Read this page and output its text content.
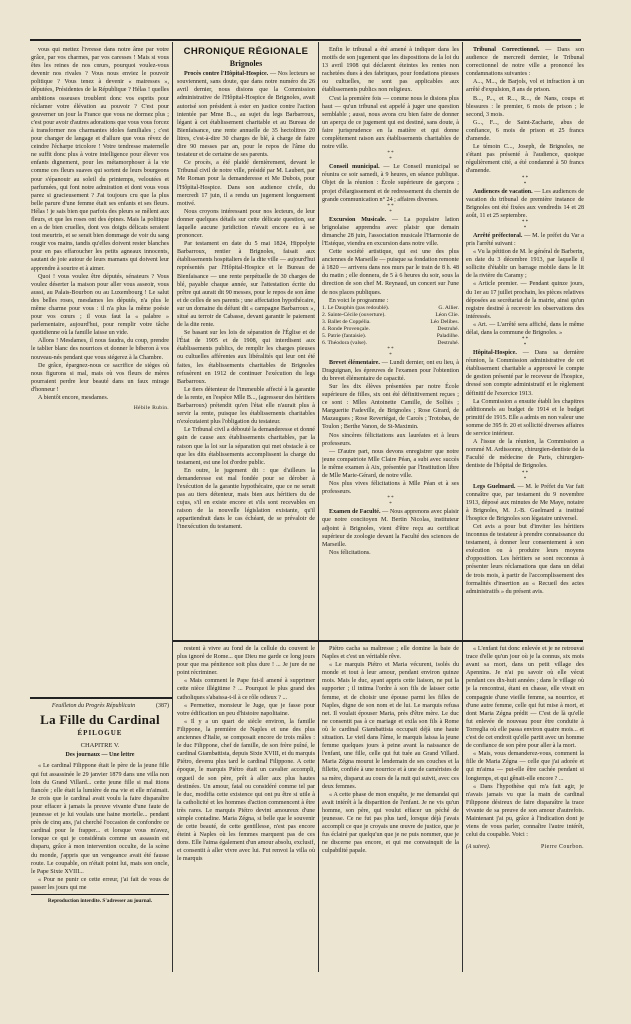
vous qui mettez l'ivresse dans notre âme par votre grâce, par vos charmes, par vos caresses ! Mais si vous êtes les reines de nos cœurs, pourquoi voulez-vous devenir nos rivales ? Vous nous enviez le pouvoir politique ? Vous tenez à devenir « mairesses », députées, Présidentes de la République ? Hélas ! quelles ambitions osseuses troublent donc vos esprits pour réclamer votre élévation au pouvoir ? C'est pour gouverner un jour la France que vous ne dormez plus ; c'est pour avoir d'autres adorations que vous vous forcez à transformer nos charmantes idoles familiales ; c'est pour changer de langage et d'allure que vous rêvez de ceindre l'écharpe tricolore ! Votre tendresse maternelle ne suffit donc plus à votre intelligence pour élever vos enfants dignement, pour les métamorphoser à la vie comme ces fleurs suaves qui sortent de leurs bourgeons pour s'épanouir au soleil du printemps, veloutées et parfumées, qui font notre admiration et dont vous vous parez si gracieusement ? J'ai toujours cru que la plus belle parure d'une femme était ses enfants et ses fleurs. Hélas ! je sais bien que parfois des pleurs se mêlent aux fleurs, et que les roses ont des épines. Mais la politique en a de bien cruelles, dont vos doigts délicats seraient tout meurtris, et se serait bien dommage de voir du sang rougir vos mains, tandis qu'elles doivent rester blanches pour en pas effaroucher les petits agneaux innocents, sautant de joie autour de leurs mamans qui doivent leur apprendre à sourire et à aimer.

Quoi ! vous voulez être députés, sénateurs ? Vous voulez déserter la maison pour aller vous asseoir, vous aussi, au Palais-Bourbon ou au Luxembourg ! Le salut des belles roses, mesdames les députés, n'a plus le même charme pour vous : il n'a plus la même poésie pour vos cœurs ; il vous faut la « palabre » parlementaire, aujourd'hui, pour remplir votre tâche quotidienne où la famille laisse un vide.

Allons ! Mesdames, il nous faudra, du coup, prendre le tablier blanc des nourrices et donner le biberon à vos nouveau-nés pendant que vous siégerez à la Chambre.

De grâce, épargnez-nous ce sacrifice de sièges où nous figurons si mal, mais où vos fleurs de mères pourraient perdre leur beauté dans un faux mirage d'honneur !

A bientôt encore, mesdames.

Hébile Rubin.
CHRONIQUE RÉGIONALE
Brignoles

Procès contre l'Hôpital-Hospice. — Nos lecteurs se souviennent, sans doute, que dans notre numéro du 26 avril dernier, nous disions que la Commission administrative de l'Hôpital-Hospice de Brignoles, avait autorisé son président à ester en justice contre l'action intentée par Mme B..., au sujet du legs Barbarroux, légant à cet établissement charitable et au Bureau de Bienfaisance, une rente annuelle de 35 hectolitres 20 litres, c'est-à-dire 30 charges de blé, à charge de faire dire 90 messes par an, pour le repos de l'âme du testateur et de certaine de ses parents.

Ce procès, a été plaidé dernièrement, devant le Tribunal civil de notre ville, présidé par M. Laubert, par Me Roman pour la demanderesse et Me Dubois, pour l'Hôpital-Hospice. Dans son audience civile, du mercredi 17 juin, il a rendu un jugement longuement motivé.

Nous croyons intéressant pour nos lecteurs, de leur donner quelques détails sur cette délicate question, sur laquelle aucune juridiction n'avait encore eu à se prononcer.

Par testament en date du 5 mai 1824, Hippolyte Barbarroux, rentier à Brignoles, faisait aux établissements hospitaliers de la dite ville — aujourd'hui représentés par l'Hôpital-Hospice et le Bureau de Bienfaisance — une rente perpétuelle de 30 charges de blé, payable chaque année, sur l'attestation écrite du prêtre qui aurait dit 90 messes, pour le repos de son âme et de celles de ses parents ; une affectation hypothécaire, sur un domaine du défunt dit « campagne Barbarroux », situé au terroir de Cabasse, devant garantir le paiement de la dite rente.

Se basant sur les lois de séparation de l'Église et de l'État de 1905 et de 1908, qui interdisent aux établissements publics, de remplir les charges pieuses ou cultuelles afférentes aux libéralités qui leur ont été faites, les établissements charitables de Brignoles refusèrent en 1912 de continuer l'exécution du legs Barbarroux.

Le tiers détenteur de l'immeuble affecté à la garantie de la rente, en l'espèce Mlle B..., (agresseur des héritiers Barbarroux) prétendit qu'en l'état elle n'aurait plus à servir la rente, puisque les établissements charitables n'exécutaient plus l'obligation du testateur.

Le Tribunal civil a débouté la demanderesse et donné gain de cause aux établissements charitables, par la raison que la loi sur la séparation qui met obstacle à ce que les dits établissements accomplissent la charge du testament, est une loi d'ordre public.

En outre, le jugement dit : que d'ailleurs la demanderesse est mal fondée pour se dérober à l'exécution de la garantie hypothécaire, que ce ne serait pas au tiers détenteur, mais bien aux héritiers du de cujus, s'il en existe encore et s'ils sont recevables en raison de la nouvelle législation existante, qu'il appartiendrait dans le cas échéant, de se prévaloir de l'inexécution du testament.

Enfin le tribunal a été amené à indiquer dans les motifs de son jugement que les dispositions de la loi du 13 avril 1908 qui déclarent éteintes les rentes non rachetées dues à des fabriques, pour fondations pieuses ou cultuelles, ne sont pas applicables aux établissements publics non religieux.

C'est la première fois — comme nous le disions plus haut — qu'un tribunal est appelé à juger une question semblable ; aussi, nous avons cru bien faire de donner un aperçu de ce jugement qui est destiné, sans doute, à faire jurisprudence en la matière et qui donne complètement raison aux établissements charitables de notre ville.

* *
*

Conseil municipal. — Le Conseil municipal se réunira ce soir samedi, à 9 heures, en séance publique. Objet de la réunion : École supérieure de garçons ; projet d'élargissement et de redressement du chemin de grande communication n° 24 ; affaires diverses.

* *
*

Excursion Musicale. — La populaire lation brignolaise apprendra avec plaisir que demain dimanche 28 juin, l'association musicale l'Harmonie de l'Estéque, viendra en excursion dans notre ville.

Cette société artistique, qui est une des plus anciennes de Marseille — puisque sa fondation remonte à 1820 — arrivera dans nos murs par le train de 8 h. 48 du matin ; elle donnera, de 5 à 6 heures du soir, sous la direction de son chef M. Reynaud, un concert sur l'une de nos places publiques.

En voici le programme :

1. Le Dauphin (pas redoublé).	G. Allier.
2. Sainte-Cécile (ouverture).	Léon Clie.
3. Ballet de Coppélia.	Léo Delibes.
4. Ronde Provençale.	Destruhé.
5. Patrie (fantaisie).	Paladilhe.
6. Théodora (valse).	Destruhé.
* *
*

Brevet élémentaire. — Lundi dernier, ont eu lieu, à Draguignan, les épreuves de l'examen pour l'obtention du brevet élémentaire de capacité.

Sur les dix élèves présentées par notre École supérieure de filles, six ont été définitivement reçues ; ce sont : Mlles Antoinette Camille, de Solliès ; Marguerite Fadeville, de Brignoles ; Rose Girard, de Mazaugues ; Rose Revertégat, de Carcès ; Trotobas, de Toulon ; Berthe Vanon, de St-Maximin.

Nos sincères félicitations aux lauréates et à leurs professeurs.

— D'autre part, nous devons enregistrer que notre jeune compatriote Mlle Claire Péan, a subi avec succès le même examen à Aix, présentée par l'Institution libre de Mlle Marie-Gérard, de notre ville.

Nos plus vives félicitations à Mlle Péan et à ses professeurs.

* *
*

Examen de Faculté. — Nous apprenons avec plaisir que notre concitoyen M. Bertin Nicolas, instituteur adjoint à Brignoles, vient d'être reçu au certificat supérieur de zoologie devant la Faculté des sciences de Marseille.

Nos félicitations.

Tribunal Correctionnel. — Dans son audience de mercredi dernier, le Tribunal correctionnel de notre ville a prononcé les condamnations suivantes :

A..., M..., de Barjols, vol et infraction à un arrêté d'expulsion, 8 ans de prison.

B..., P..., et R..., R..., de Nans, coups et blessures : le premier, 6 mois de prison ; le second, 3 mois.

G..., F..., de Saint-Zacharie, abus de confiance, 6 mois de prison et 25 francs d'amende.

Le témoin C..., Joseph, de Brignoles, ne s'étant pas présenté à l'audience, quoique régulièrement cité, a été condamné à 50 francs d'amende.

* *
*

Audiences de vacation. — Les audiences de vacation du tribunal de première instance de Brignoles ont été fixées aux vendredis 14 et 28 août, 11 et 25 septembre.

* *
*

Arrêté préfectoral. — M. le préfet du Var a pris l'arrêté suivant :

« Vu la pétition de M. le général de Barberin, en date du 3 décembre 1913, par laquelle il sollicite d'établir un barrage mobile dans le lit de la rivière du Caramy ;

« Article premier. — Pendant quinze jours, du 1er au 17 juillet prochain, les pièces relatives déposées au secrétariat de la mairie, ainsi qu'un registre destiné à recevoir les observations des intéressés.

« Art. — L'arrêté sera affiché, dans le même délai, dans la commune de Brignoles. »

* *
*

Hôpital-Hospice. — Dans sa dernière réunion, la Commission administrative de cet établissement charitable a approuvé le compte de gestion présenté par le receveur de l'hospice, dressé son compte administratif et le règlement définitif de l'exercice 1913.

La Commission a ensuite établi les chapitres additionnels au budget de 1914 et le budget primitif de 1915. Elle a admis en non valeur une somme de 395 fr. 20 et sollicité diverses affaires de service intérieur.

A l'issue de la réunion, la Commission a nommé M. Ardissonne, chirurgien-dentiste de la Faculté de médecine de Paris, chirurgien-dentiste de l'hôpital de Brignoles.

* *
*

Legs Guelmard. — M. le Préfet du Var fait connaître que, par testament du 9 novembre 1913, déposé aux minutes de Me Maye, notaire à Brignoles, M. J.-B. Guelmard a institué l'hospice de Brignoles son légataire universel.

Cet avis a pour but d'inviter les héritiers inconnus de testateur à prendre connaissance du testament, à donner leur consentement à son exécution ou à produire leurs moyens d'opposition. Les héritiers se sont reconnus à présenter leurs réclamations que dans un délai de trois mois, à partir de l'accomplissement des formalités d'insertion au « Recueil des actes administratifs » du présent avis.

Feuilleton du Progrès Républicain	(387)
La Fille du Cardinal
ÉPILOGUE
CHAPITRE V.
Des journaux — Une lettre

« Le cardinal Filippone était le père de la jeune fille qui fut assassinée le 29 janvier 1879 dans une villa non loin du Grand Villard... cette jeune fille si mal itions fiancée ; elle était la lumière de ma vie et elle m'aimait. Je crois que le cardinal avait voulu la faire disparaître pour effacer à jamais la preuve vivante d'une faute de jeunesse et je lui voulais une haine mortelle... pendant près de cinq ans, j'ai cherché l'occasion de confondre ce cardinal pour le frapper... et lorsque vous m'avez, lorsque ce qui je considérais comme un assassin est disparu, grâce à mon intervention occulte, de la scène du monde, j'appris que un vengeance avait été fausse route. Le coupable, on n'était point lui, mais son oncle, le Pape Sixte XVIII...

« Pour ne punir ce cette erreur, j'ai fait de vous de passer les jours qui me

Reproduction interdite. S'adresser au journal.

restent à vivre au fond de la cellule du couvent le plus ignoré de Rome... que Dieu me garde ce long jours pour que ma pénitence soit plus dure ! ... Je jure de ne point récriminer.

« Mais comment le Pape fut-il amené à supprimer cette nièce illégitime ? ... Pourquoi le plus grand des catholiques s'abaissa-t-il à ce rôle odieux ? ...

« Permettez, monsieur le Juge, que je fasse pour votre édification un peu d'histoire napolitaine.

« Il y a un quart de siècle environ, la famille Filippone, la première de Naples et une des plus anciennes d'Italie, se composait encore de trois mâles : le duc Filippone, chef de famille, de son frère puîné, le cardinal Giambattista, depuis Sixte XVIII, et du marquis Piétro, devenu plus tard le cardinal Filippone. A cette époque, le marquis Piétro était un cavalier accompli, orgueil de son père, prêt à aller aux plus hautes destinées. Un amour, fatal ou considéré comme tel par le duc, modifia cette existence qui ont pu être si utile à la catholicité et les hommes d'action commencent à être très rares. Le marquis Piétro devint amoureux d'une simple contadine. Maria Zégna, si belle que le souvenir de cette beauté, de cette gentillesse, n'est pas encore éteint à Naples où les femmes marquent pas de ces dons. Elle l'aima également d'un amour absolu, exclusif, et consentit à aller vivre avec lui. Fut renvoi la villa où le marquis

Piétro cacha sa maîtresse ; elle domine la baie de Naples et c'est un véritable rêve.

« Le marquis Piétro et Maria vécurent, isolés du monde et tout à leur amour, pendant environ quinze mois. Mais le duc, ayant appris cette liaison, ne put la supporter ; il intima l'ordre à son fils de laisser cette femme, et de choisir une épouse parmi les filles de Naples, digne de son nom et de lui. Le marquis refusa net. Il voulait épouser Maria, près d'être mère. Le duc ne consentit pas à ce mariage et exila son fils à Rome où le cardinal Giambattista occupait déjà une haute situation. Le vieil dans l'âme, le marquis laissa la jeune femme quelques jours à peine avant la naissance de l'enfant, une fille, celle qui fut tuée au Grand Villard. Maria Zégna mourut le lendemain de ses couches et la fillette, confiée à une nourrice et à une de caméristes de sa mère, disparut au cours de la nuit qui suivit, avec ces deux femmes.

« A cette phase de mon enquête, je me demandai qui avait intérêt à la disparition de l'enfant. Je ne vis qu'un homme, son père, qui voulut effacer un péché de jeunesse. Ce ne fut pas plus tard, lorsque déjà j'avais accompli ce que je croyais une œuvre de justice, que je fus éclairé par quelqu'un que je ne puis nommer, que je ne discerne pas encore, et qui me convainquit de la culpabilité papale.

« L'enfant fut donc enlevée et je ne retrouvai trace d'elle qu'un jour où je la connus, six mois avant sa mort, dans un petit village des Apennins. Je n'ai pu savoir où elle vécut pendant ces dix-huit années ; dans le village où je la rencontrai, étant en chasse, elle vivait en compagnie d'une vieille femme, sa nourrice, et d'une autre femme, celle qui fut mise à mort, et dont Maria Zégna prédit — C'est de là qu'elle fut enlevée de nouveau pour être conduite à Torreglia où elle passa environ quatre mois... et c'est de cet endroit qu'elle partit avec un homme de confiance de son père pour aller à la mort.

« Mais, vous demanderez-vous, comment la fille de Maria Zégna — celle que j'ai adorée et qui m'aima — put-elle être cachée pendant si longtemps, et qui gênait-elle encore ? ...

« Dans l'hypothèse qui m'a fait agir, je n'avais jamais vu que la main de cardinal Filippone désireux de faire disparaître la trace vivante de sa preuve de son amour d'autrefois. Maintenant j'ai pu, grâce à l'indication dont je viens de vous parler, connaître l'autre intérêt, celui du coupable. Voici :

(A suivre).	Pierre Courbon.
